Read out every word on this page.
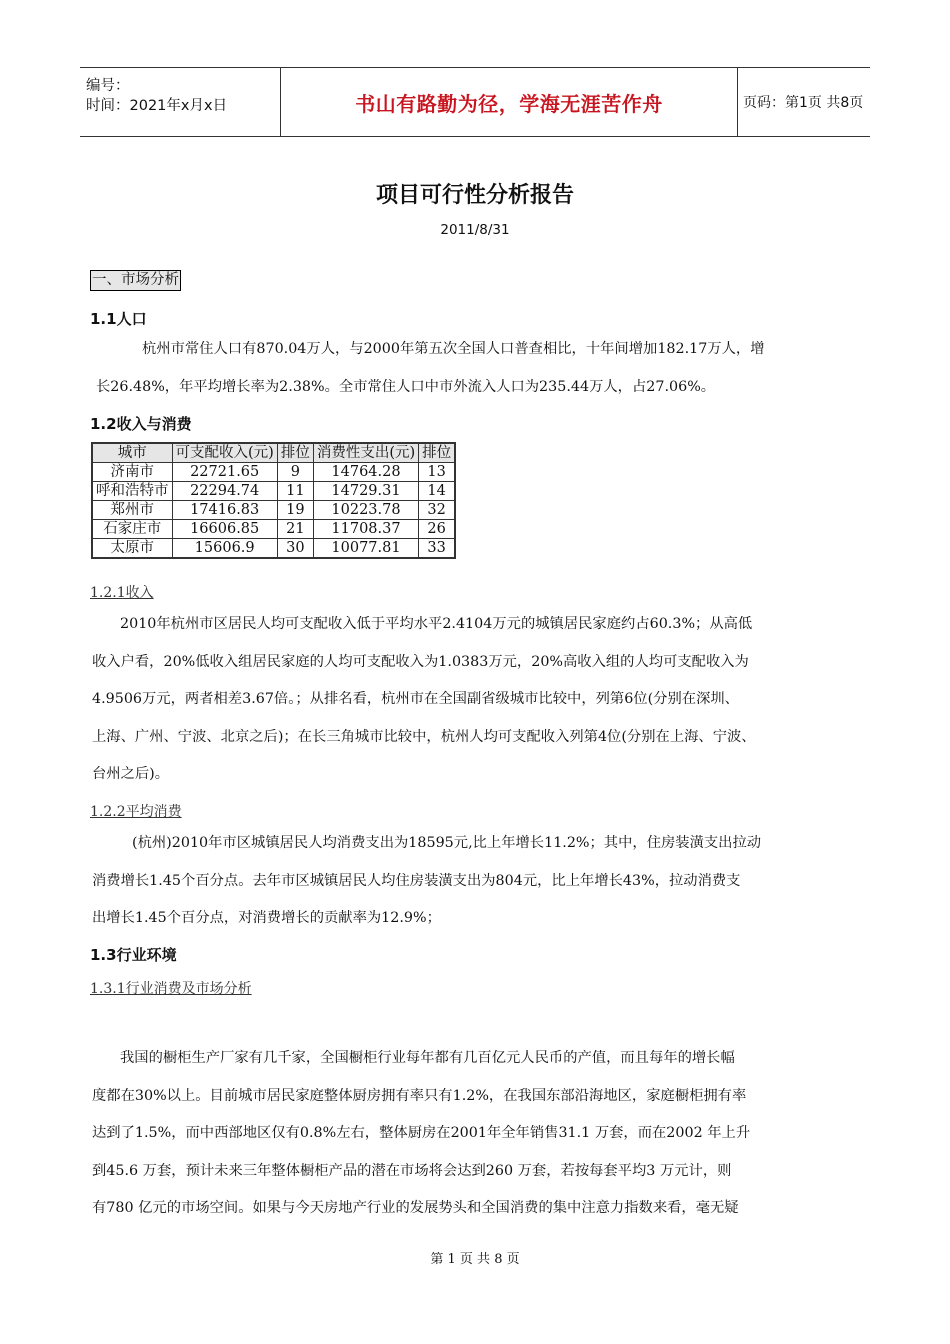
编号：
时间：2021年x月x日	书山有路勤为径，学海无涯苦作舟	页码：第1页 共8页
项目可行性分析报告
2011/8/31
一、市场分析
1.1人口
杭州市常住人口有870.04万人，与2000年第五次全国人口普查相比，十年间增加182.17万人，增
长26.48%，年平均增长率为2.38%。全市常住人口中市外流入人口为235.44万人，占27.06%。
1.2收入与消费
城市	可支配收入(元)	排位	消费性支出(元)	排位
济南市	22721.65	9	14764.28	13
呼和浩特市	22294.74	11	14729.31	14
郑州市	17416.83	19	10223.78	32
石家庄市	16606.85	21	11708.37	26
太原市	15606.9	30	10077.81	33
1.2.1收入
2010年杭州市区居民人均可支配收入低于平均水平2.4104万元的城镇居民家庭约占60.3%；从高低
收入户看，20%低收入组居民家庭的人均可支配收入为1.0383万元，20%高收入组的人均可支配收入为
4.9506万元，两者相差3.67倍。；从排名看，杭州市在全国副省级城市比较中，列第6位(分别在深圳、
上海、广州、宁波、北京之后)；在长三角城市比较中，杭州人均可支配收入列第4位(分别在上海、宁波、
台州之后)。
1.2.2平均消费
(杭州)2010年市区城镇居民人均消费支出为18595元,比上年增长11.2%；其中，住房装潢支出拉动
消费增长1.45个百分点。去年市区城镇居民人均住房装潢支出为804元，比上年增长43%，拉动消费支
出增长1.45个百分点，对消费增长的贡献率为12.9%；
1.3行业环境
1.3.1行业消费及市场分析
我国的橱柜生产厂家有几千家，全国橱柜行业每年都有几百亿元人民币的产值，而且每年的增长幅
度都在30%以上。目前城市居民家庭整体厨房拥有率只有1.2%，在我国东部沿海地区，家庭橱柜拥有率
达到了1.5%，而中西部地区仅有0.8%左右，整体厨房在2001年全年销售31.1 万套，而在2002 年上升
到45.6 万套，预计未来三年整体橱柜产品的潜在市场将会达到260 万套，若按每套平均3 万元计，则
有780 亿元的市场空间。如果与今天房地产行业的发展势头和全国消费的集中注意力指数来看，毫无疑
第 1 页 共 8 页
